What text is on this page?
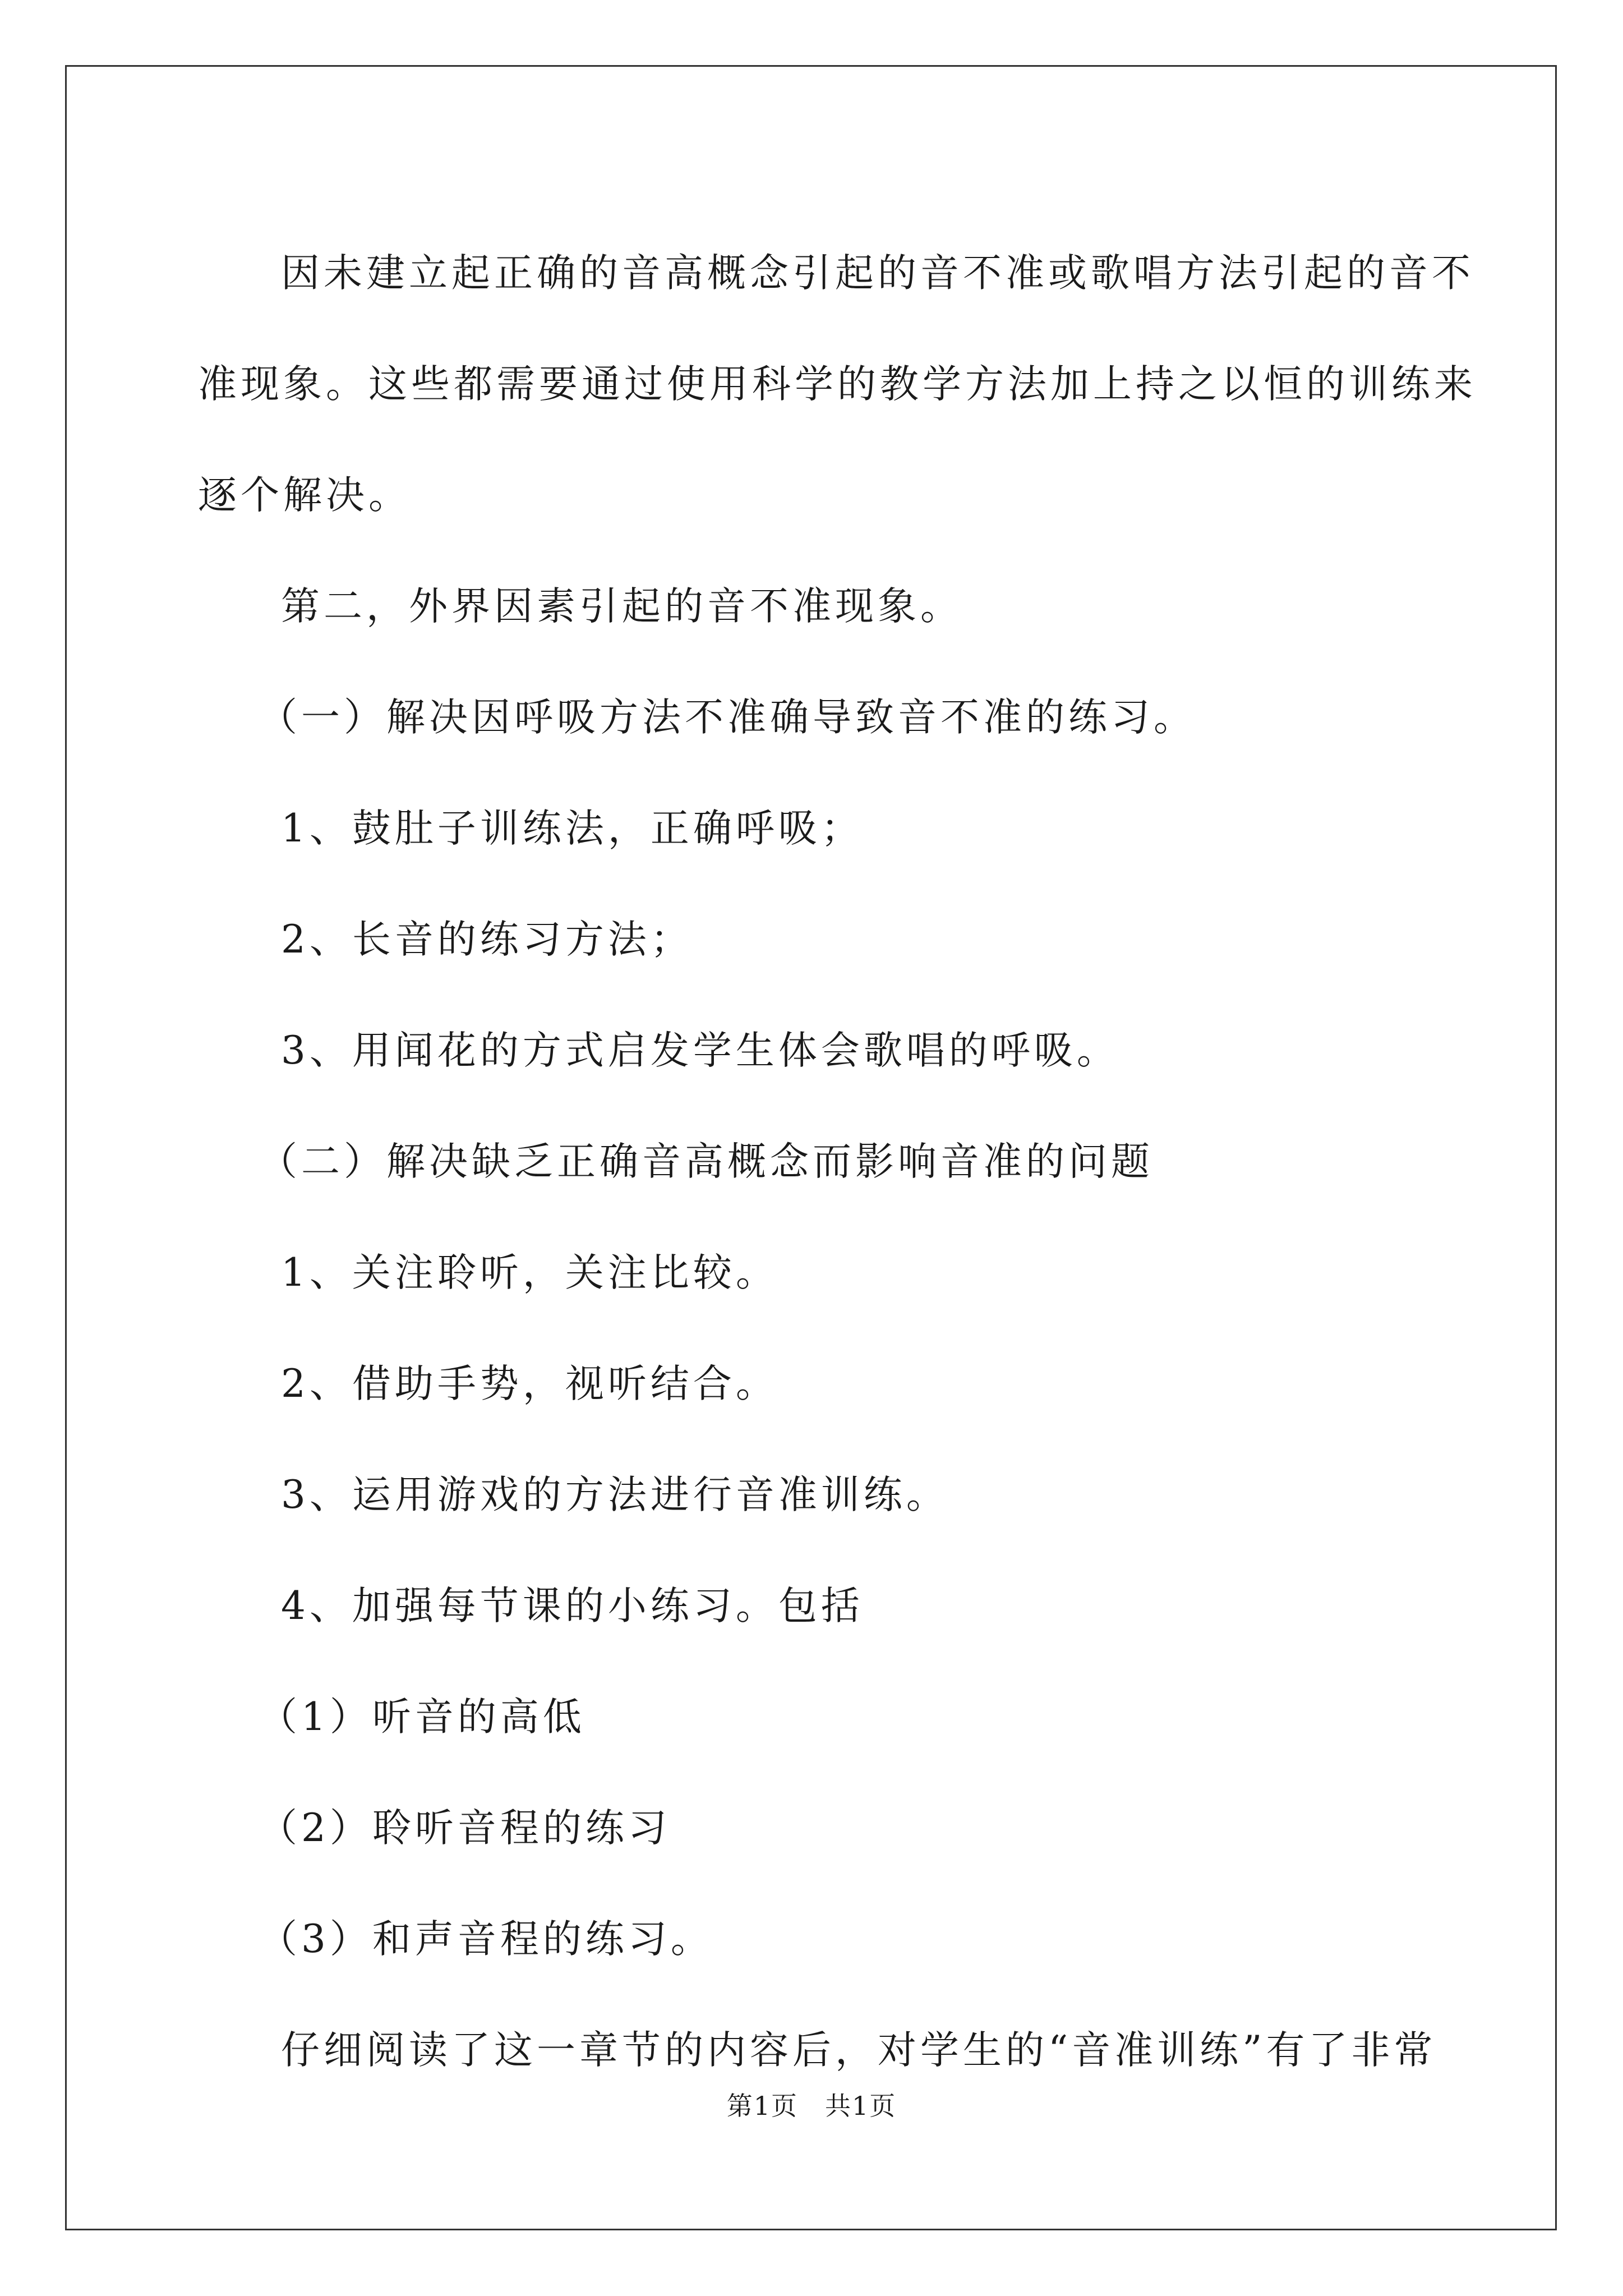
因未建立起正确的音高概念引起的音不准或歌唱方法引起的音不
准现象。这些都需要通过使用科学的教学方法加上持之以恒的训练来
逐个解决。
第二，外界因素引起的音不准现象。
（一）解决因呼吸方法不准确导致音不准的练习。
1、鼓肚子训练法，正确呼吸；
2、长音的练习方法；
3、用闻花的方式启发学生体会歌唱的呼吸。
（二）解决缺乏正确音高概念而影响音准的问题
1、关注聆听，关注比较。
2、借助手势，视听结合。
3、运用游戏的方法进行音准训练。
4、加强每节课的小练习。包括
（1）听音的高低
（2）聆听音程的练习
（3）和声音程的练习。
仔细阅读了这一章节的内容后，对学生的“音准训练”有了非常
第1页　共1页
